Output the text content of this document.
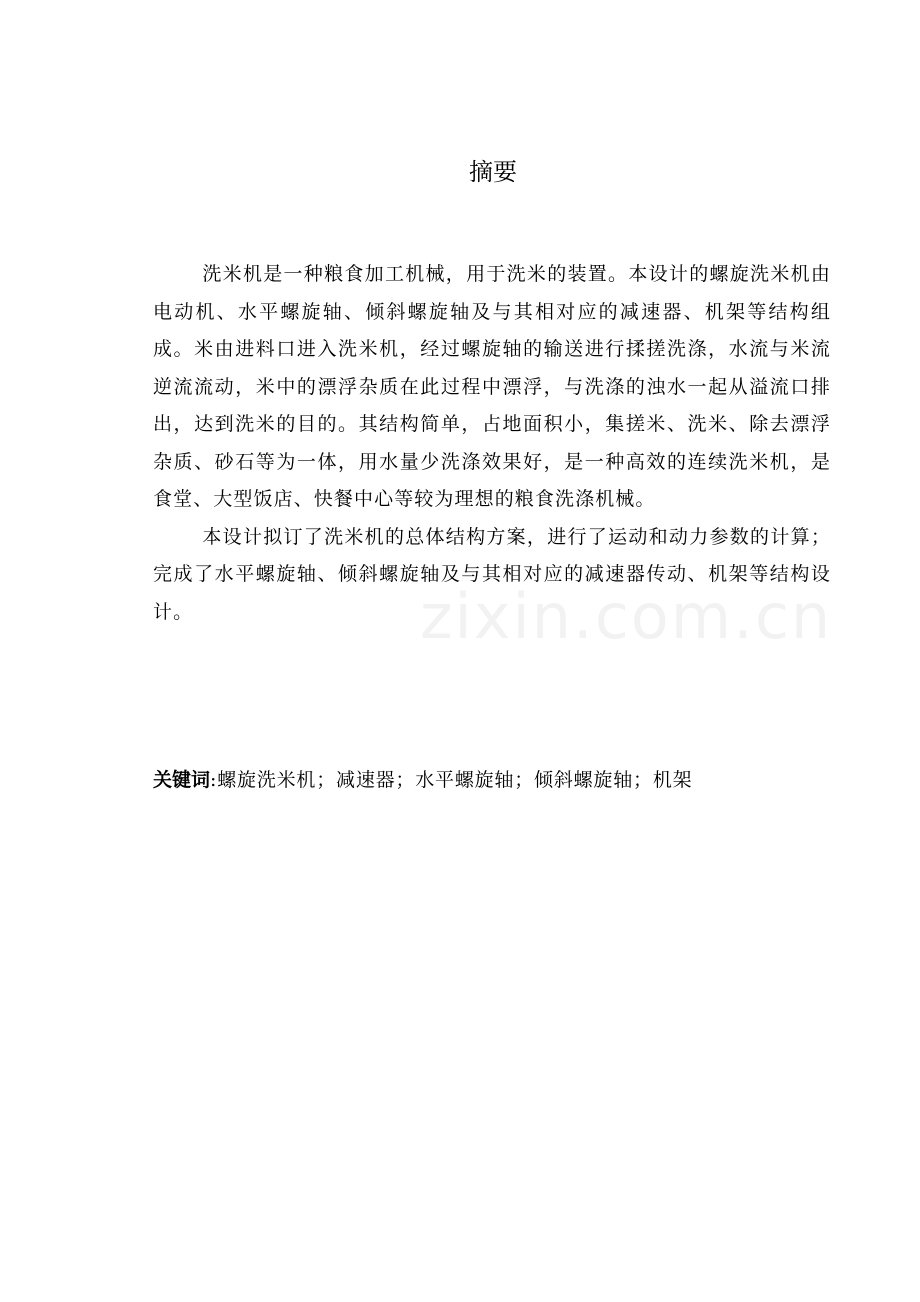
摘要

洗米机是一种粮食加工机械，用于洗米的装置。本设计的螺旋洗米机由电动机、水平螺旋轴、倾斜螺旋轴及与其相对应的减速器、机架等结构组成。米由进料口进入洗米机，经过螺旋轴的输送进行揉搓洗涤，水流与米流逆流流动，米中的漂浮杂质在此过程中漂浮，与洗涤的浊水一起从溢流口排出，达到洗米的目的。其结构简单，占地面积小，集搓米、洗米、除去漂浮杂质、砂石等为一体，用水量少洗涤效果好，是一种高效的连续洗米机，是食堂、大型饭店、快餐中心等较为理想的粮食洗涤机械。

本设计拟订了洗米机的总体结构方案，进行了运动和动力参数的计算；完成了水平螺旋轴、倾斜螺旋轴及与其相对应的减速器传动、机架等结构设计。

关键词:螺旋洗米机；减速器；水平螺旋轴；倾斜螺旋轴；机架
zixin.com.cn
